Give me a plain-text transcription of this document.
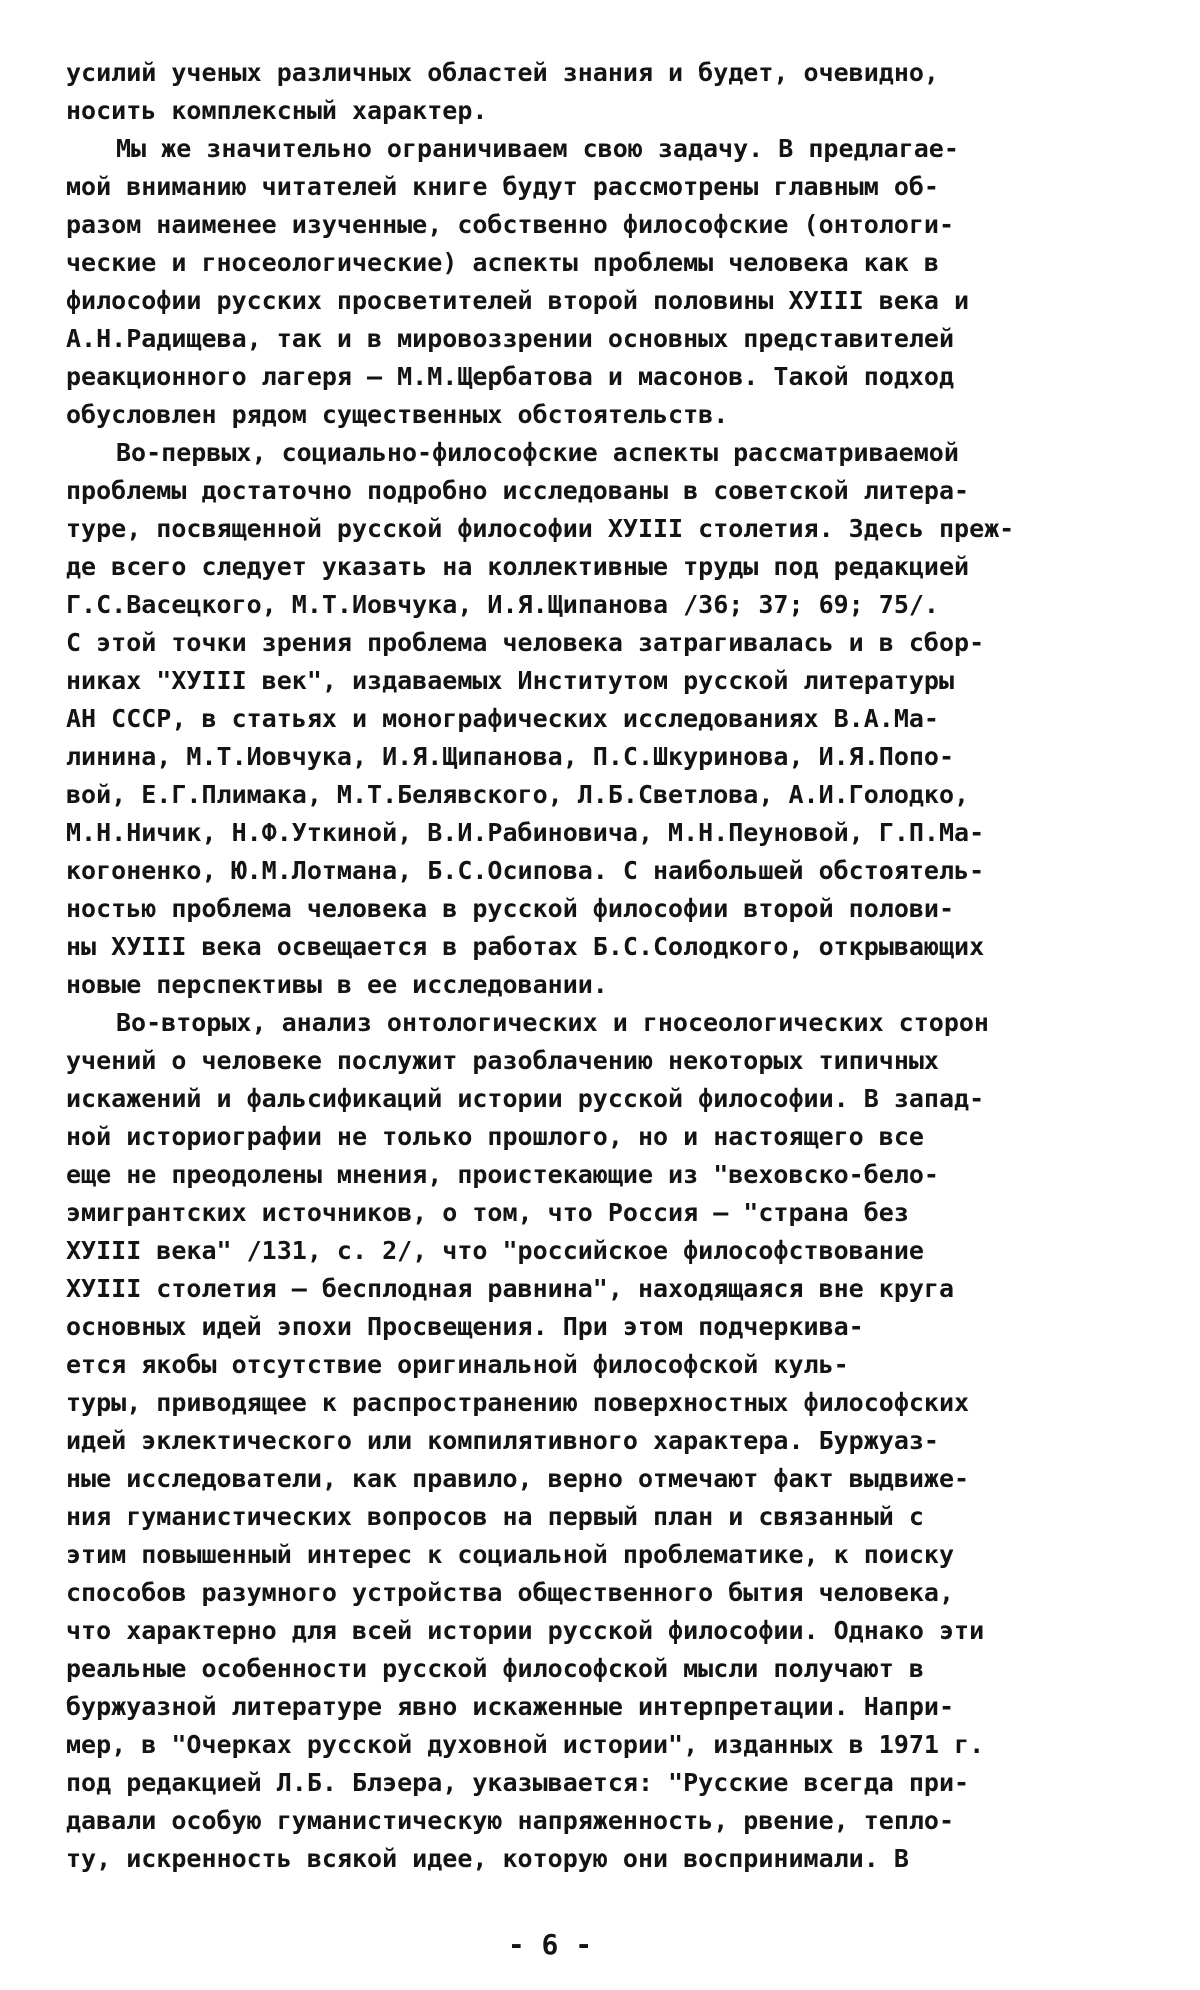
усилий ученых различных областей знания и будет, очевидно,
носить комплексный характер.
Мы же значительно ограничиваем свою задачу. В предлагае-
мой вниманию читателей книге будут рассмотрены главным об-
разом наименее изученные, собственно философские (онтологи-
ческие и гносеологические) аспекты проблемы человека как в
философии русских просветителей второй половины ХУIII века и
А.Н.Радищева, так и в мировоззрении основных представителей
реакционного лагеря – М.М.Щербатова и масонов. Такой подход
обусловлен рядом существенных обстоятельств.
Во-первых, социально-философские аспекты рассматриваемой
проблемы достаточно подробно исследованы в советской литера-
туре, посвященной русской философии ХУIII столетия. Здесь преж-
де всего следует указать на коллективные труды под редакцией
Г.С.Васецкого, М.Т.Иовчука, И.Я.Щипанова /36; 37; 69; 75/.
С этой точки зрения проблема человека затрагивалась и в сбор-
никах "ХУIII век", издаваемых Институтом русской литературы
АН СССР, в статьях и монографических исследованиях В.А.Ма-
линина, М.Т.Иовчука, И.Я.Щипанова, П.С.Шкуринова, И.Я.Попо-
вой, Е.Г.Плимака, М.Т.Белявского, Л.Б.Светлова, А.И.Голодко,
М.Н.Ничик, Н.Ф.Уткиной, В.И.Рабиновича, М.Н.Пеуновой, Г.П.Ма-
когоненко, Ю.М.Лотмана, Б.С.Осипова. С наибольшей обстоятель-
ностью проблема человека в русской философии второй полови-
ны ХУIII века освещается в работах Б.С.Солодкого, открывающих
новые перспективы в ее исследовании.
Во-вторых, анализ онтологических и гносеологических сторон
учений о человеке послужит разоблачению некоторых типичных
искажений и фальсификаций истории русской философии. В запад-
ной историографии не только прошлого, но и настоящего все
еще не преодолены мнения, проистекающие из "веховско-бело-
эмигрантских источников, о том, что Россия – "страна без
ХУIII века" /131, с. 2/, что "российское философствование
ХУIII столетия – бесплодная равнина", находящаяся вне круга
основных идей эпохи Просвещения. При этом подчеркива-
ется якобы отсутствие оригинальной философской куль-
туры, приводящее к распространению поверхностных философских
идей эклектического или компилятивного характера. Буржуаз-
ные исследователи, как правило, верно отмечают факт выдвиже-
ния гуманистических вопросов на первый план и связанный с
этим повышенный интерес к социальной проблематике, к поиску
способов разумного устройства общественного бытия человека,
что характерно для всей истории русской философии. Однако эти
реальные особенности русской философской мысли получают в
буржуазной литературе явно искаженные интерпретации. Напри-
мер, в "Очерках русской духовной истории", изданных в 1971 г.
под редакцией Л.Б. Блэера, указывается: "Русские всегда при-
давали особую гуманистическую напряженность, рвение, тепло-
ту, искренность всякой идее, которую они воспринимали. В
- 6 -
